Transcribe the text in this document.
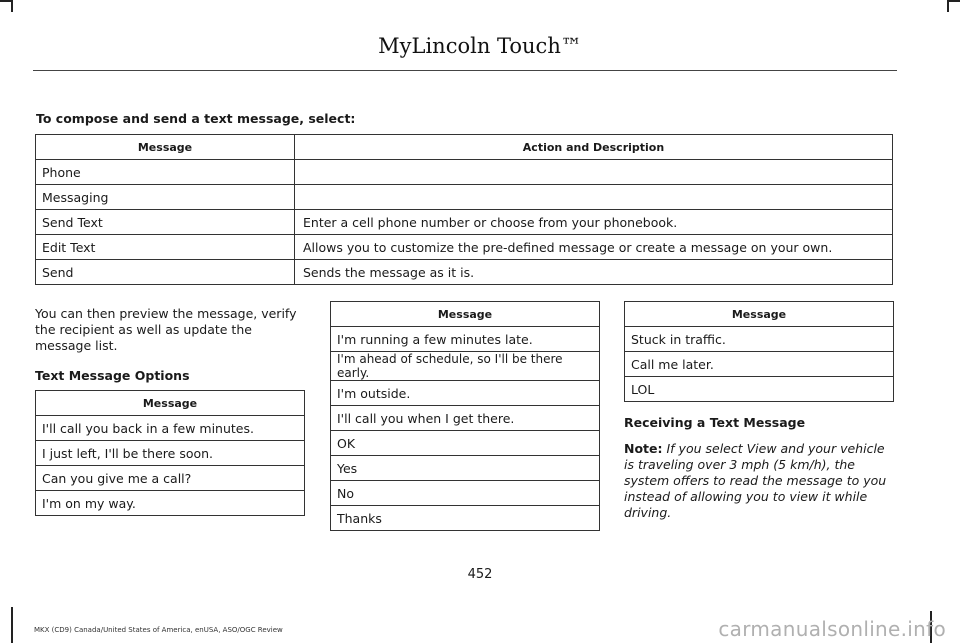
MyLincoln Touch™
To compose and send a text message, select:
Message	Action and Description
Phone	
Messaging	
Send Text	Enter a cell phone number or choose from your phonebook.
Edit Text	Allows you to customize the pre-defined message or create a message on your own.
Send	Sends the message as it is.

You can then preview the message, verify the recipient as well as update the message list.

Text Message Options

Message
I'll call you back in a few minutes.
I just left, I'll be there soon.
Can you give me a call?
I'm on my way.
Message
I'm running a few minutes late.
I'm ahead of schedule, so I'll be there early.
I'm outside.
I'll call you when I get there.
OK
Yes
No
Thanks
Message
Stuck in traffic.
Call me later.
LOL

Receiving a Text Message

Note: If you select View and your vehicle is traveling over 3 mph (5 km/h), the system offers to read the message to you instead of allowing you to view it while driving.

452
MKX (CD9) Canada/United States of America, enUSA, ASO/OGC Review	carmanualsonline.info
